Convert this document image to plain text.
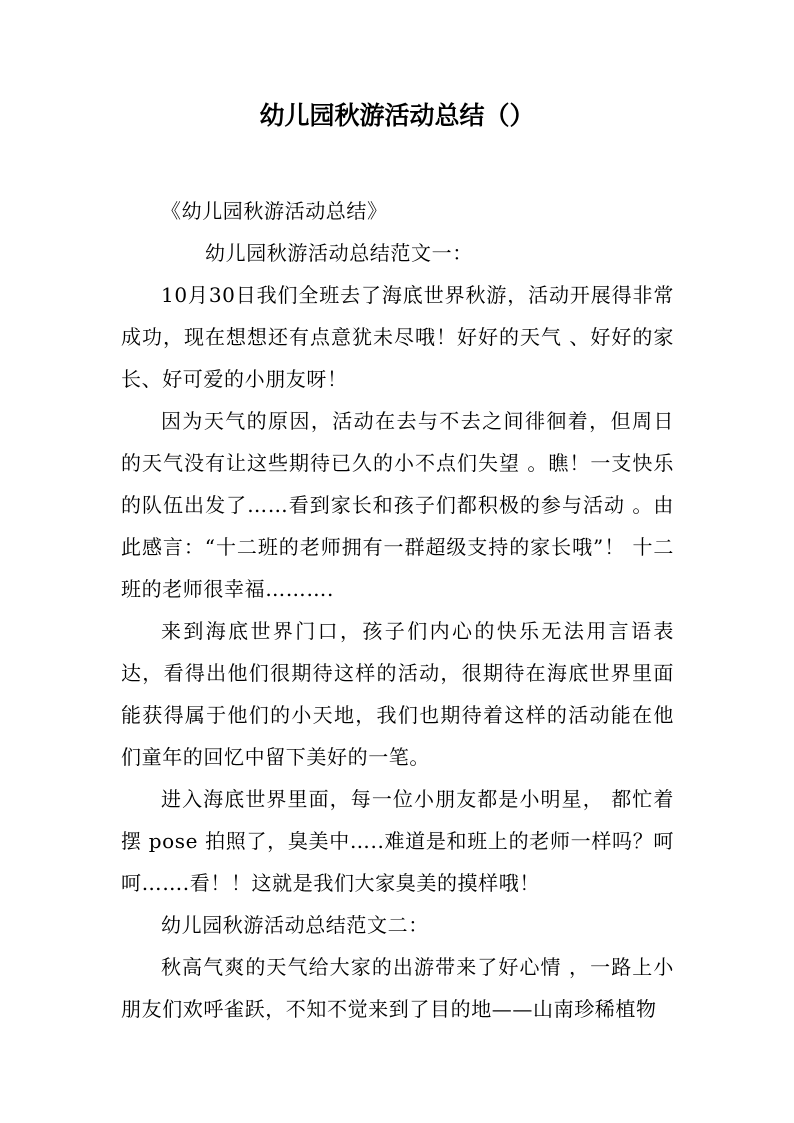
幼儿园秋游活动总结（）

《幼儿园秋游活动总结》

幼儿园秋游活动总结范文一：

10月30日我们全班去了海底世界秋游，活动开展得非常成功，现在想想还有点意犹未尽哦！好好的天气 、好好的家长、好可爱的小朋友呀！

因为天气的原因，活动在去与不去之间徘徊着，但周日的天气没有让这些期待已久的小不点们失望 。瞧！一支快乐的队伍出发了……看到家长和孩子们都积极的参与活动 。由此感言：“十二班的老师拥有一群超级支持的家长哦”！ 十二班的老师很幸福……….

来到海底世界门口，孩子们内心的快乐无法用言语表达，看得出他们很期待这样的活动，很期待在海底世界里面能获得属于他们的小天地，我们也期待着这样的活动能在他们童年的回忆中留下美好的一笔。

进入海底世界里面，每一位小朋友都是小明星， 都忙着摆 pose 拍照了，臭美中…..难道是和班上的老师一样吗？呵呵…….看！！这就是我们大家臭美的摸样哦！

幼儿园秋游活动总结范文二：

秋高气爽的天气给大家的出游带来了好心情 ，一路上小朋友们欢呼雀跃，不知不觉来到了目的地——山南珍稀植物
